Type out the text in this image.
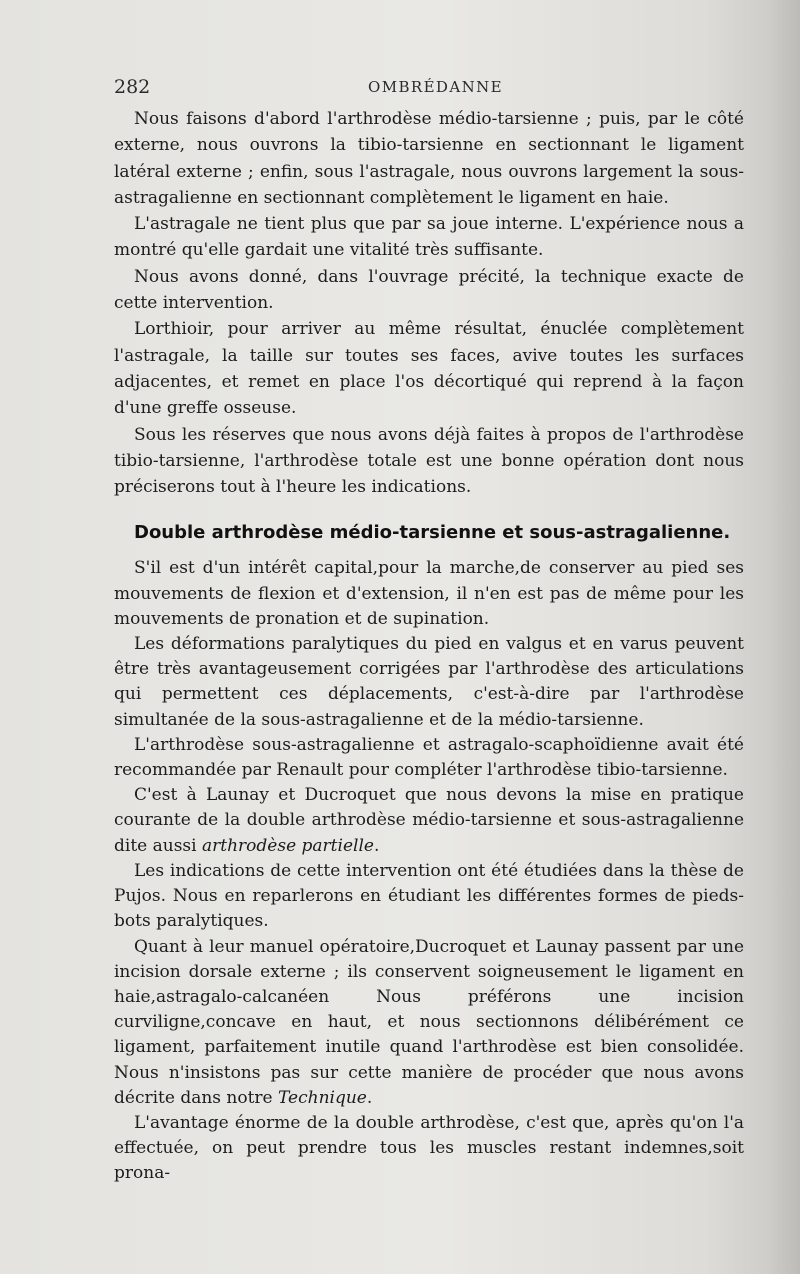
282	OMBRÉDANNE

Nous faisons d'abord l'arthrodèse médio-tarsienne ; puis, par le côté externe, nous ouvrons la tibio-tarsienne en sectionnant le ligament latéral externe ; enfin, sous l'astragale, nous ouvrons largement la sous-astragalienne en sectionnant complètement le ligament en haie.

L'astragale ne tient plus que par sa joue interne. L'expérience nous a montré qu'elle gardait une vitalité très suffisante.

Nous avons donné, dans l'ouvrage précité, la technique exacte de cette intervention.

Lorthioir, pour arriver au même résultat, énuclée complètement l'astragale, la taille sur toutes ses faces, avive toutes les surfaces adjacentes, et remet en place l'os décortiqué qui reprend à la façon d'une greffe osseuse.

Sous les réserves que nous avons déjà faites à propos de l'arthrodèse tibio-tarsienne, l'arthrodèse totale est une bonne opération dont nous préciserons tout à l'heure les indications.

Double arthrodèse médio-tarsienne et sous-astragalienne.

S'il est d'un intérêt capital,pour la marche,de conserver au pied ses mouvements de flexion et d'extension, il n'en est pas de même pour les mouvements de pronation et de supination.

Les déformations paralytiques du pied en valgus et en varus peuvent être très avantageusement corrigées par l'arthrodèse des articulations qui permettent ces déplacements, c'est-à-dire par l'arthrodèse simultanée de la sous-astragalienne et de la médio-tarsienne.

L'arthrodèse sous-astragalienne et astragalo-scaphoïdienne avait été recommandée par Renault pour compléter l'arthrodèse tibio-tarsienne.

C'est à Launay et Ducroquet que nous devons la mise en pratique courante de la double arthrodèse médio-tarsienne et sous-astragalienne dite aussi arthrodèse partielle.

Les indications de cette intervention ont été étudiées dans la thèse de Pujos. Nous en reparlerons en étudiant les différentes formes de pieds-bots paralytiques.

Quant à leur manuel opératoire,Ducroquet et Launay passent par une incision dorsale externe ; ils conservent soigneusement le ligament en haie,astragalo-calcanéen Nous préférons une incision curviligne,concave en haut, et nous sectionnons délibérément ce ligament, parfaitement inutile quand l'arthrodèse est bien consolidée. Nous n'insistons pas sur cette manière de procéder que nous avons décrite dans notre Technique.

L'avantage énorme de la double arthrodèse, c'est que, après qu'on l'a effectuée, on peut prendre tous les muscles restant indemnes,soit prona-
